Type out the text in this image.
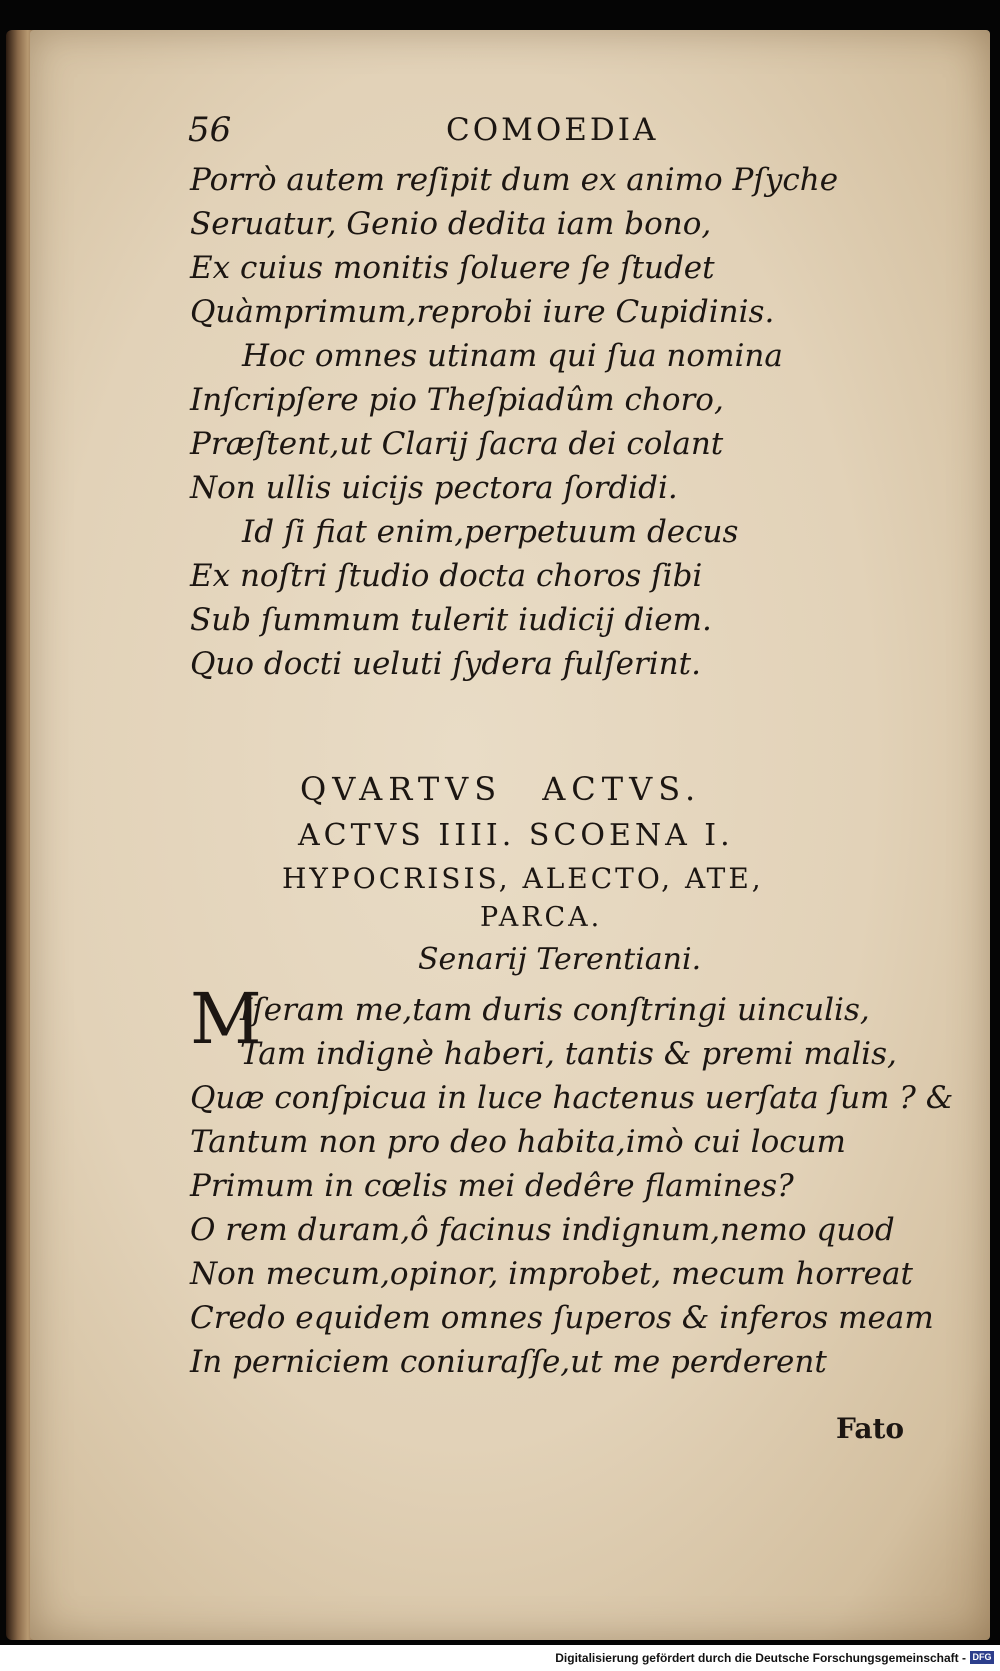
56	COMOEDIA
Porrò autem reſipit dum ex animo Pſyche
Seruatur, Genio dedita iam bono,
Ex cuius monitis ſoluere ſe ſtudet
Quàmprimum,reprobi iure Cupidinis.
Hoc omnes utinam qui ſua nomina
Inſcripſere pio Theſpiadûm choro,
Præſtent,ut Clarij ſacra dei colant
Non ullis uicijs pectora ſordidi.
Id ſi fiat enim,perpetuum decus
Ex noſtri ſtudio docta choros ſibi
Sub ſummum tulerit iudicij diem.
Quo docti ueluti ſydera fulſerint.
QVARTVS ACTVS.
ACTVS IIII. SCOENA I.
HYPOCRISIS, ALECTO, ATE,
PARCA.
Senarij Terentiani.
M
Iſeram me,tam duris conſtringi uinculis,
Tam indignè haberi, tantis & premi malis,
Quæ conſpicua in luce hactenus uerſata ſum ? &
Tantum non pro deo habita,imò cui locum
Primum in cœlis mei dedêre flamines?
O rem duram,ô facinus indignum,nemo quod
Non mecum,opinor, improbet, mecum horreat
Credo equidem omnes ſuperos & inferos meam
In perniciem coniuraſſe,ut me perderent
Fato
Digitalisierung gefördert durch die Deutsche Forschungsgemeinschaft - DFG
